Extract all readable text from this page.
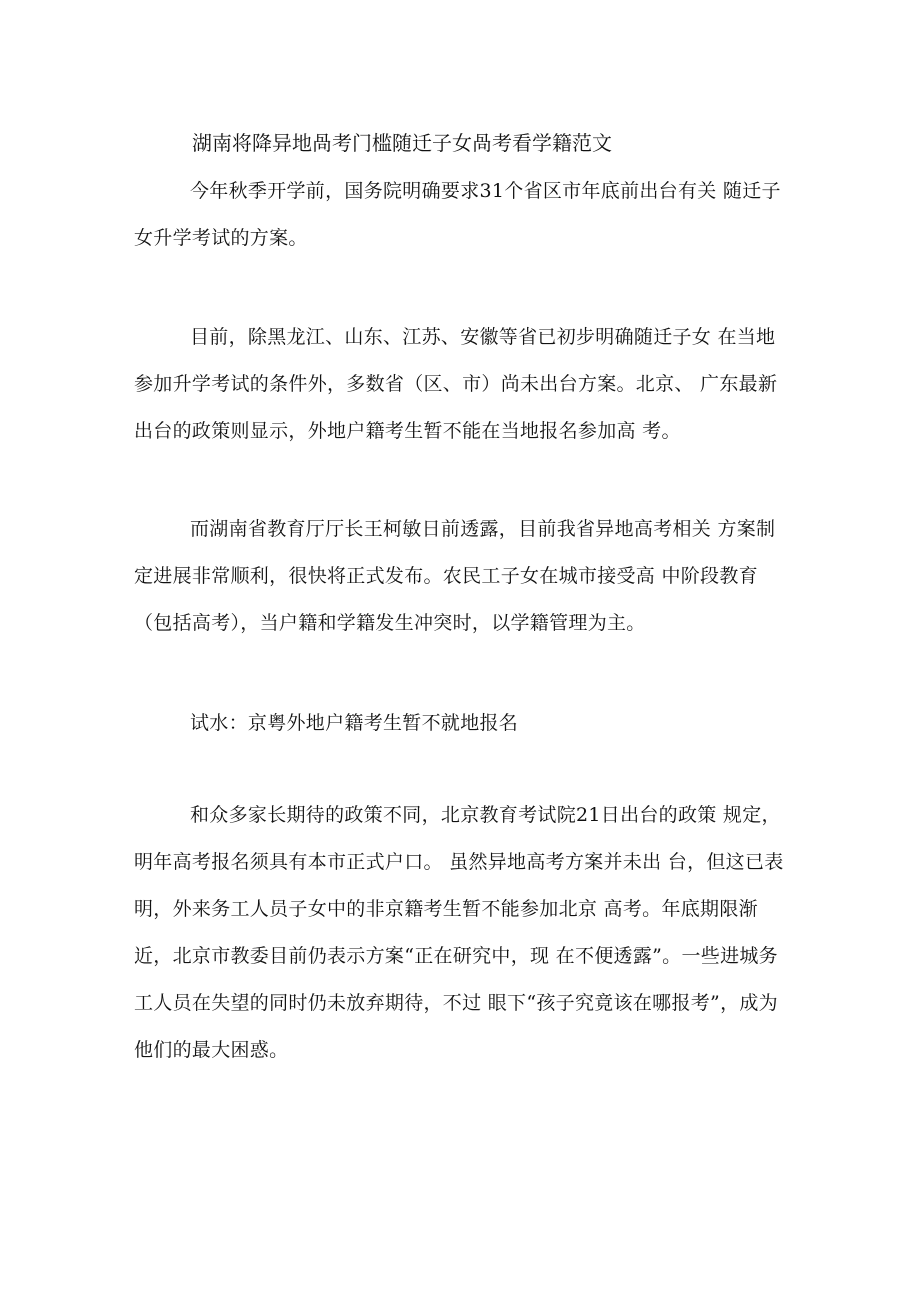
湖南将降异地咼考门槛随迁子女咼考看学籍范文

今年秋季开学前，国务院明确要求31个省区市年底前出台有关 随迁子女升学考试的方案。

目前，除黑龙江、山东、江苏、安徽等省已初步明确随迁子女 在当地参加升学考试的条件外，多数省（区、市）尚未出台方案。北京、 广东最新出台的政策则显示，外地户籍考生暂不能在当地报名参加高 考。

而湖南省教育厅厅长王柯敏日前透露，目前我省异地高考相关 方案制定进展非常顺利，很快将正式发布。农民工子女在城市接受高 中阶段教育（包括高考），当户籍和学籍发生冲突时，以学籍管理为主。

试水：京粤外地户籍考生暂不就地报名

和众多家长期待的政策不同，北京教育考试院21日出台的政策 规定，明年高考报名须具有本市正式户口。 虽然异地高考方案并未出 台，但这已表明，外来务工人员子女中的非京籍考生暂不能参加北京 高考。年底期限渐近，北京市教委目前仍表示方案“正在研究中，现 在不便透露”。一些进城务工人员在失望的同时仍未放弃期待，不过 眼下“孩子究竟该在哪报考”，成为他们的最大困惑。
